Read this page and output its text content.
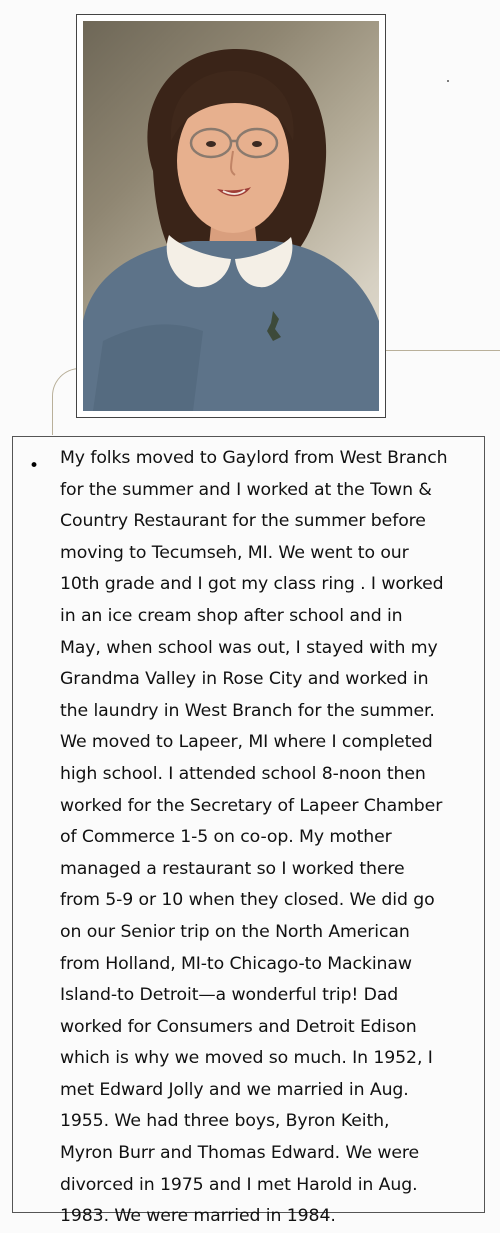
• My folks moved to Gaylord from West Branch
for the summer and I worked at the Town &
Country Restaurant for the summer before
moving to Tecumseh, MI. We went to our
10th grade and I got my class ring . I worked
in an ice cream shop after school and in
May, when school was out, I stayed with my
Grandma Valley in Rose City and worked in
the laundry in West Branch for the summer.
We moved to Lapeer, MI where I completed
high school. I attended school 8-noon then
worked for the Secretary of Lapeer Chamber
of Commerce 1-5 on co-op. My mother
managed a restaurant so I worked there
from 5-9 or 10 when they closed. We did go
on our Senior trip on the North American
from Holland, MI-to Chicago-to Mackinaw
Island-to Detroit—a wonderful trip! Dad
worked for Consumers and Detroit Edison
which is why we moved so much. In 1952, I
met Edward Jolly and we married in Aug.
1955. We had three boys, Byron Keith,
Myron Burr and Thomas Edward. We were
divorced in 1975 and I met Harold in Aug.
1983. We were married in 1984.
